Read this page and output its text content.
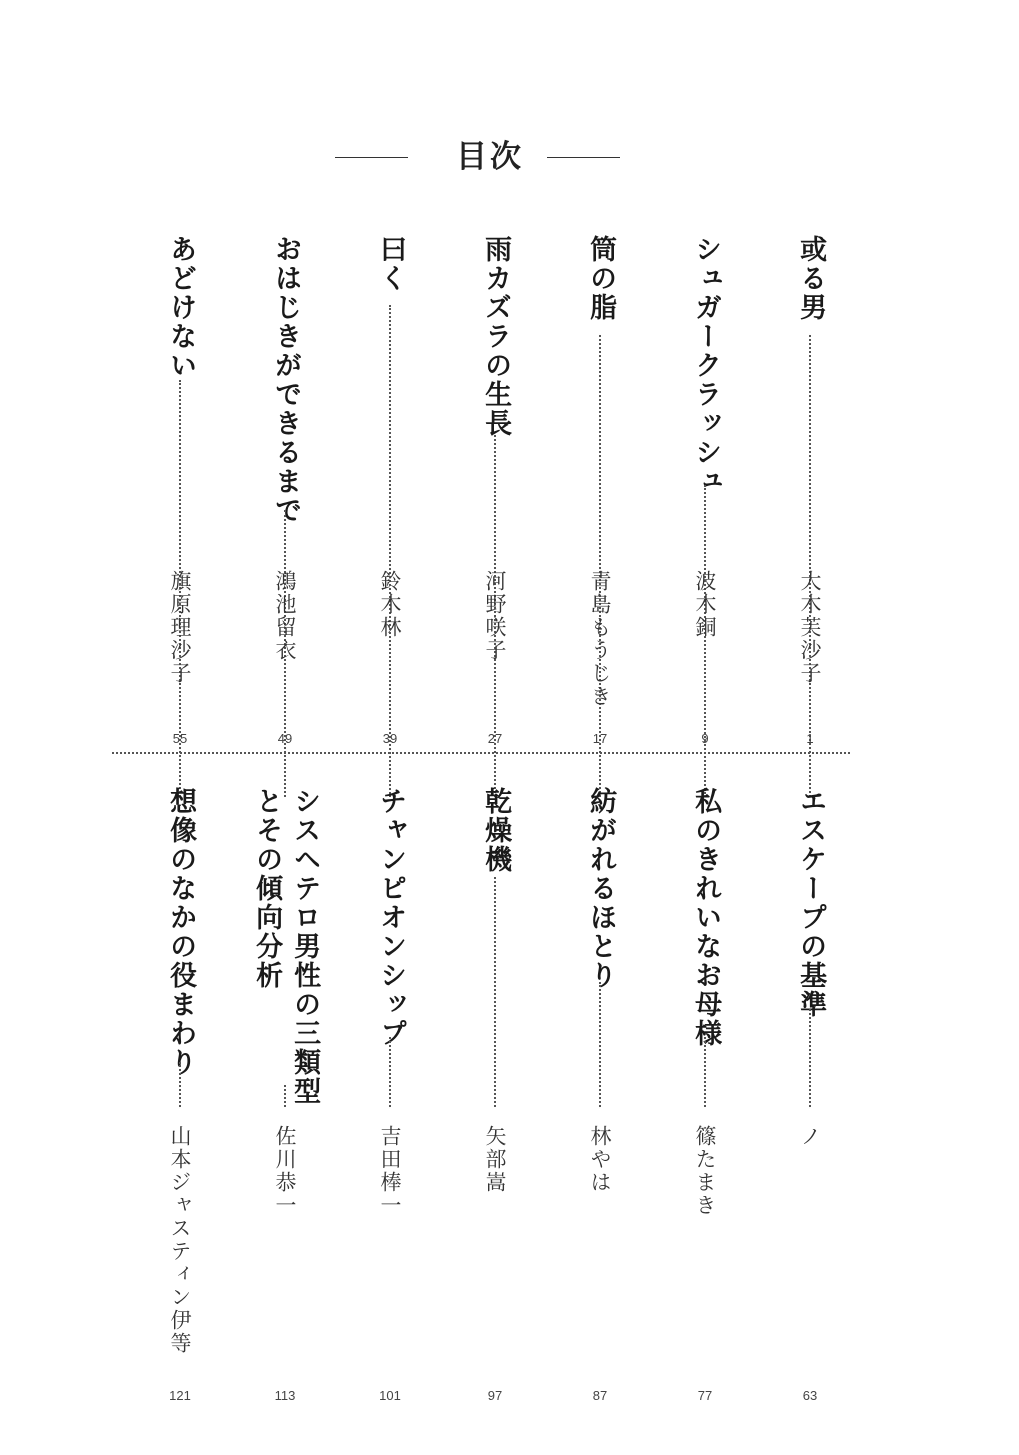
目次
或る男
シュガークラッシュ
筒の脂
雨カズラの生長
曰く
おはじきができるまで
あどけない
大木芙沙子
波木銅
青島もうじき
河野咲子
鈴木林
鴻池留衣
旗原理沙子
1
9
17
27
39
49
55
エスケープの基準
私のきれいなお母様
紡がれるほとり
乾燥機
チャンピオンシップ
シスヘテロ男性の三類型
とその傾向分析
想像のなかの役まわり
ノ
篠たまき
林やは
矢部嵩
吉田棒一
佐川恭一
山本ジャスティン伊等
63
77
87
97
101
113
121
